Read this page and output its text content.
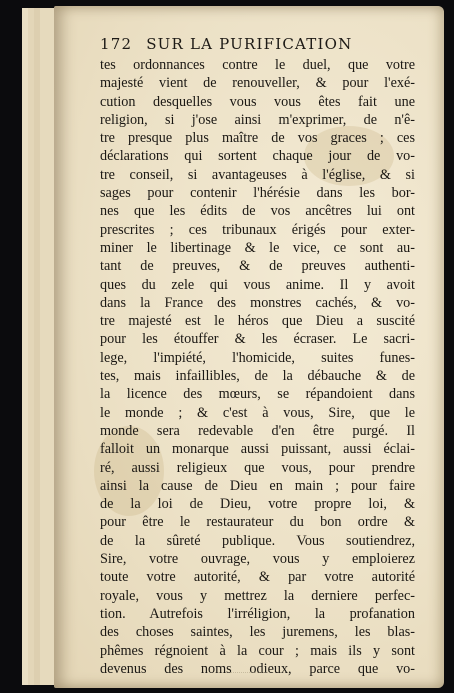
172 SUR LA PURIFICATION
tes ordonnances contre le duel, que votre
majesté vient de renouveller, & pour l'exé-
cution desquelles vous vous êtes fait une
religion, si j'ose ainsi m'exprimer, de n'ê-
tre presque plus maître de vos graces ; ces
déclarations qui sortent chaque jour de vo-
tre conseil, si avantageuses à l'église, & si
sages pour contenir l'hérésie dans les bor-
nes que les édits de vos ancêtres lui ont
prescrites ; ces tribunaux érigés pour exter-
miner le libertinage & le vice, ce sont au-
tant de preuves, & de preuves authenti-
ques du zele qui vous anime. Il y avoit
dans la France des monstres cachés, & vo-
tre majesté est le héros que Dieu a suscité
pour les étouffer & les écraser. Le sacri-
lege, l'impiété, l'homicide, suites funes-
tes, mais infaillibles, de la débauche & de
la licence des mœurs, se répandoient dans
le monde ; & c'est à vous, Sire, que le
monde sera redevable d'en être purgé. Il
falloit un monarque aussi puissant, aussi éclai-
ré, aussi religieux que vous, pour prendre
ainsi la cause de Dieu en main ; pour faire
de la loi de Dieu, votre propre loi, &
pour être le restaurateur du bon ordre &
de la sûreté publique. Vous soutiendrez,
Sire, votre ouvrage, vous y emploierez
toute votre autorité, & par votre autorité
royale, vous y mettrez la derniere perfec-
tion. Autrefois l'irréligion, la profanation
des choses saintes, les juremens, les blas-
phêmes régnoient à la cour ; mais ils y sont
devenus des noms odieux, parce que vo-
